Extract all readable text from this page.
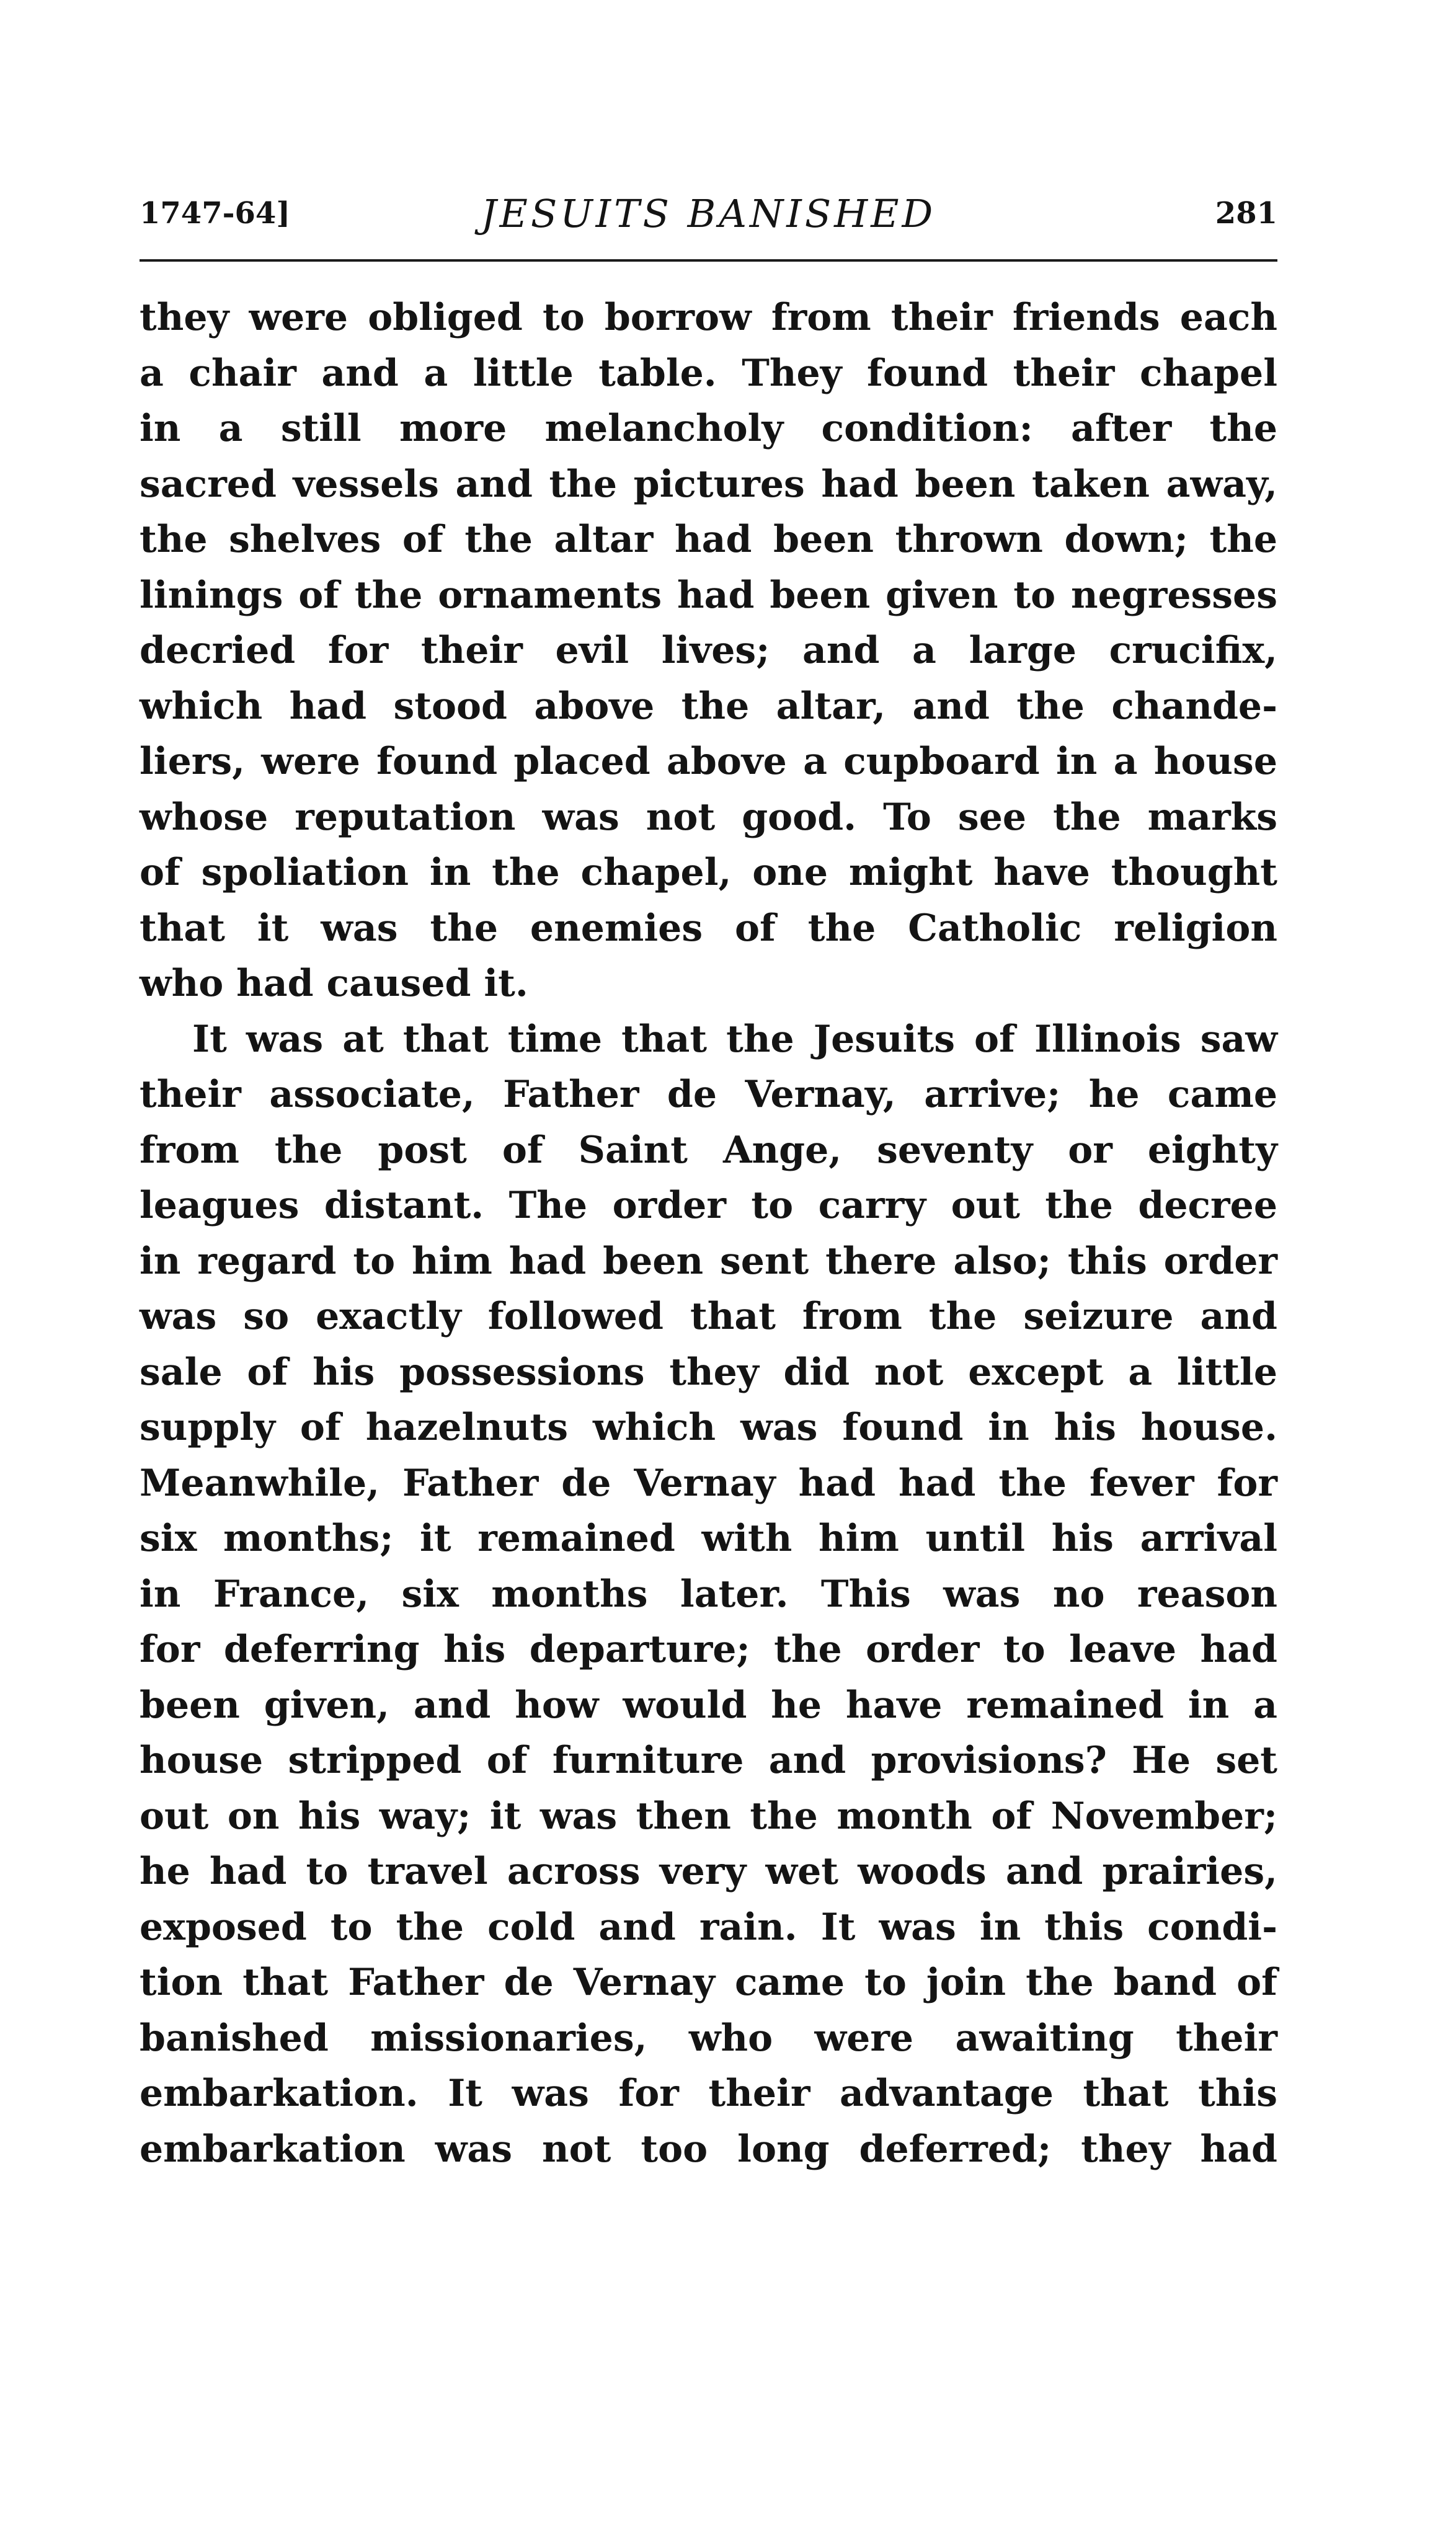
1747-64]	JESUITS BANISHED	281
they were obliged to borrow from their friends each
a chair and a little table. They found their chapel
in a still more melancholy condition: after the
sacred vessels and the pictures had been taken away,
the shelves of the altar had been thrown down; the
linings of the ornaments had been given to negresses
decried for their evil lives; and a large crucifix,
which had stood above the altar, and the chande-
liers, were found placed above a cupboard in a house
whose reputation was not good. To see the marks
of spoliation in the chapel, one might have thought
that it was the enemies of the Catholic religion
who had caused it.
It was at that time that the Jesuits of Illinois saw
their associate, Father de Vernay, arrive; he came
from the post of Saint Ange, seventy or eighty
leagues distant. The order to carry out the decree
in regard to him had been sent there also; this order
was so exactly followed that from the seizure and
sale of his possessions they did not except a little
supply of hazelnuts which was found in his house.
Meanwhile, Father de Vernay had had the fever for
six months; it remained with him until his arrival
in France, six months later. This was no reason
for deferring his departure; the order to leave had
been given, and how would he have remained in a
house stripped of furniture and provisions? He set
out on his way; it was then the month of November;
he had to travel across very wet woods and prairies,
exposed to the cold and rain. It was in this condi-
tion that Father de Vernay came to join the band of
banished missionaries, who were awaiting their
embarkation. It was for their advantage that this
embarkation was not too long deferred; they had
